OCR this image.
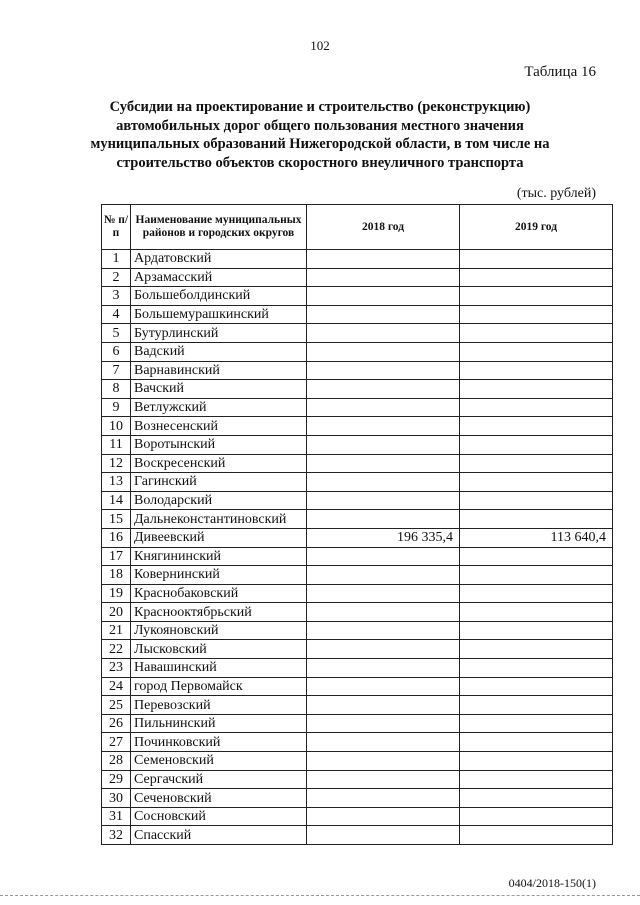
102
Таблица 16
Субсидии на проектирование и строительство (реконструкцию) автомобильных дорог общего пользования местного значения муниципальных образований Нижегородской области, в том числе на строительство объектов скоростного внеуличного транспорта
(тыс. рублей)
№ п/п	Наименование муниципальных районов и городских округов	2018 год	2019 год
1	Ардатовский		
2	Арзамасский		
3	Большеболдинский		
4	Большемурашкинский		
5	Бутурлинский		
6	Вадский		
7	Варнавинский		
8	Вачский		
9	Ветлужский		
10	Вознесенский		
11	Воротынский		
12	Воскресенский		
13	Гагинский		
14	Володарский		
15	Дальнеконстантиновский		
16	Дивеевский	196 335,4	113 640,4
17	Княгининский		
18	Ковернинский		
19	Краснобаковский		
20	Краснооктябрьский		
21	Лукояновский		
22	Лысковский		
23	Навашинский		
24	город Первомайск		
25	Перевозский		
26	Пильнинский		
27	Починковский		
28	Семеновский		
29	Сергачский		
30	Сеченовский		
31	Сосновский		
32	Спасский		
0404/2018-150(1)
